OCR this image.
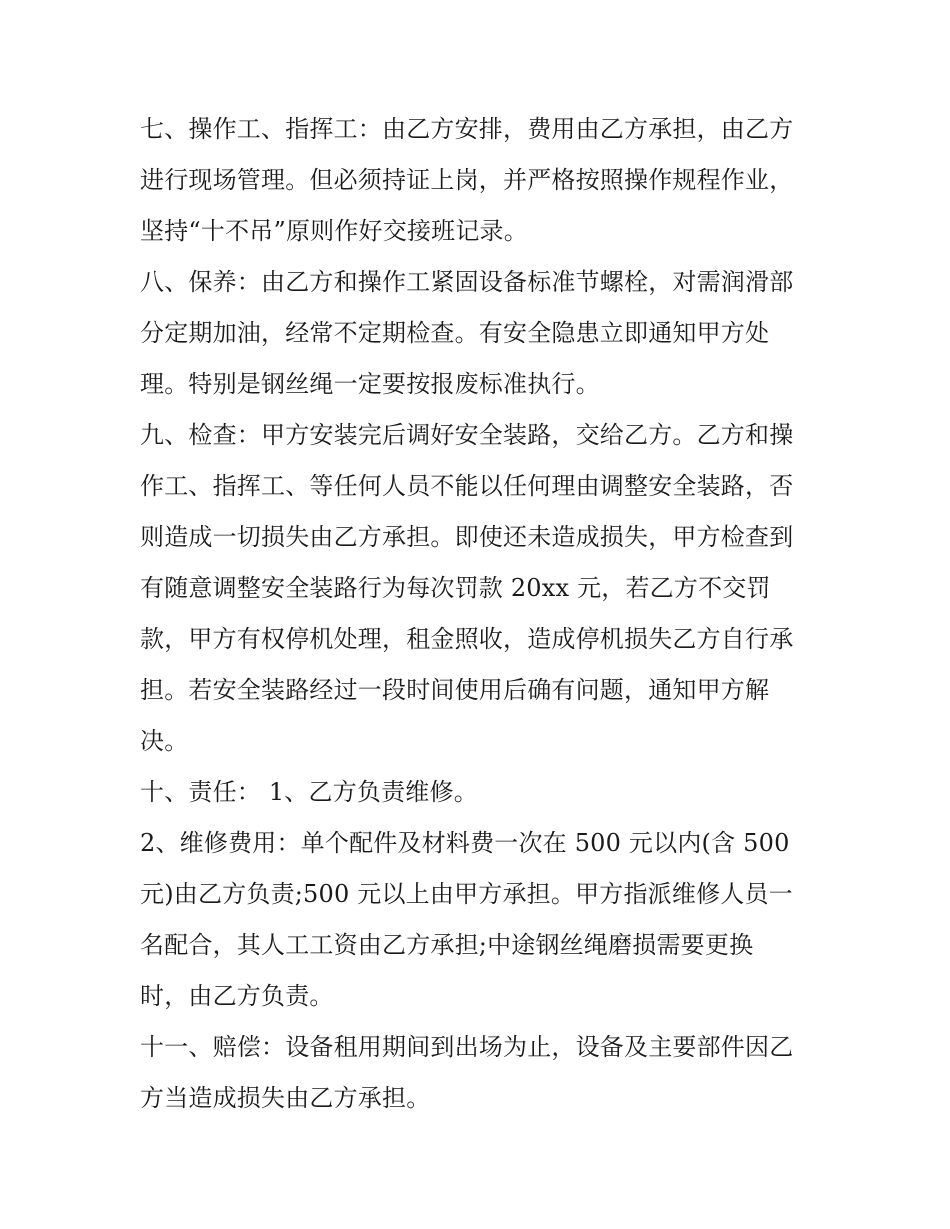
七、操作工、指挥工：由乙方安排，费用由乙方承担，由乙方
进行现场管理。但必须持证上岗，并严格按照操作规程作业，
坚持“十不吊”原则作好交接班记录。
八、保养：由乙方和操作工紧固设备标准节螺栓，对需润滑部
分定期加油，经常不定期检查。有安全隐患立即通知甲方处
理。特别是钢丝绳一定要按报废标准执行。
九、检查：甲方安装完后调好安全装路，交给乙方。乙方和操
作工、指挥工、等任何人员不能以任何理由调整安全装路，否
则造成一切损失由乙方承担。即使还未造成损失，甲方检查到
有随意调整安全装路行为每次罚款 20xx 元，若乙方不交罚
款，甲方有权停机处理，租金照收，造成停机损失乙方自行承
担。若安全装路经过一段时间使用后确有问题，通知甲方解
决。
十、责任： 1、乙方负责维修。
2、维修费用：单个配件及材料费一次在 500 元以内(含 500
元)由乙方负责;500 元以上由甲方承担。甲方指派维修人员一
名配合，其人工工资由乙方承担;中途钢丝绳磨损需要更换
时，由乙方负责。
十一、赔偿：设备租用期间到出场为止，设备及主要部件因乙
方当造成损失由乙方承担。
